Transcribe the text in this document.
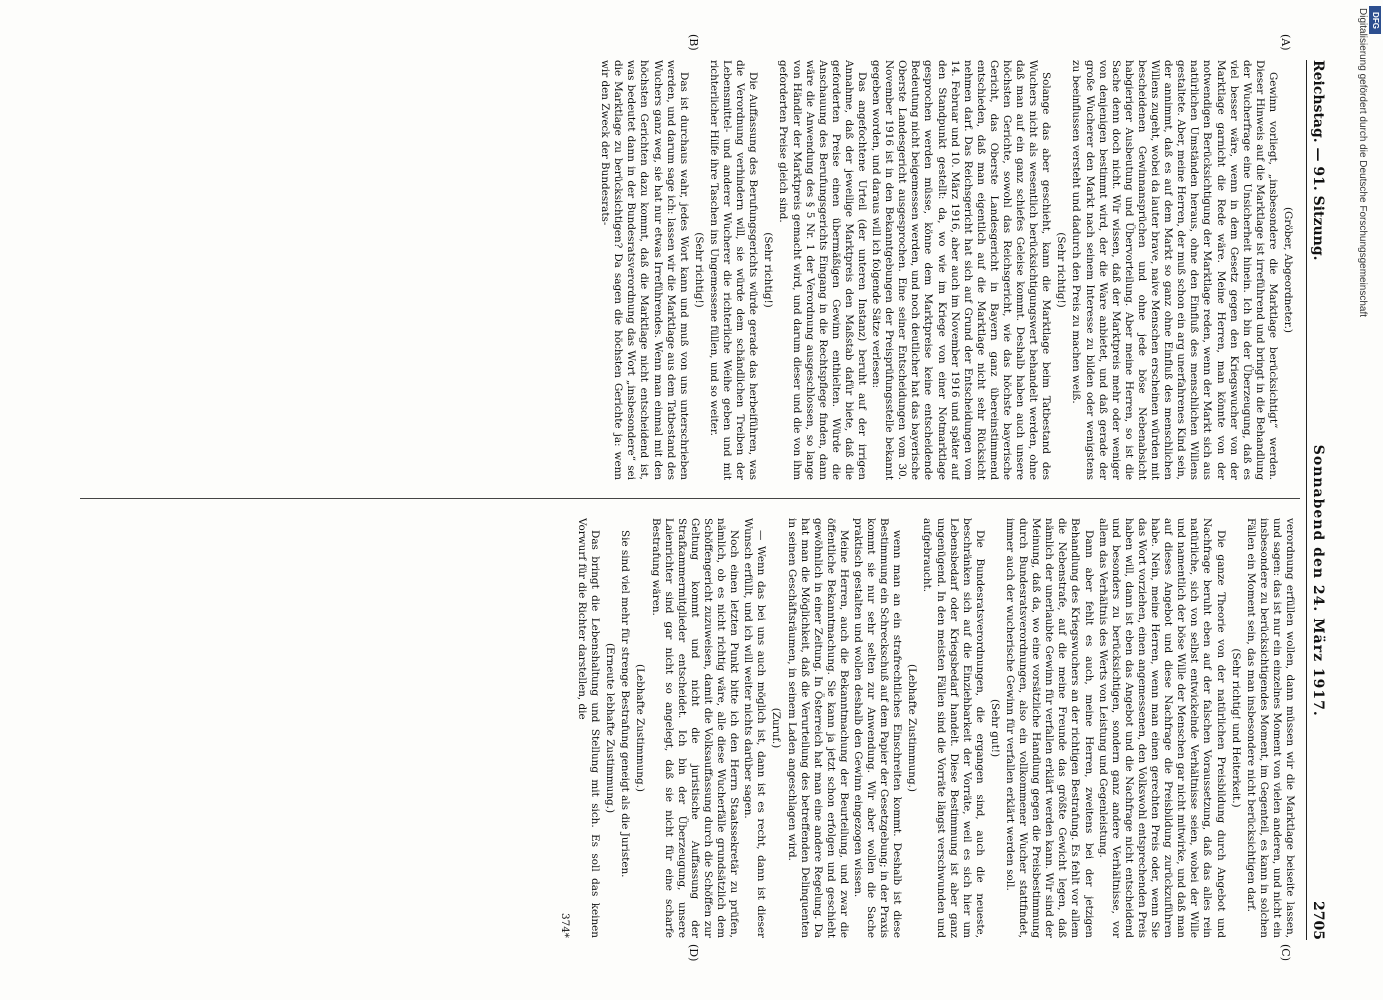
Reichstag. — 91. Sitzung.
Sonnabend den 24. März 1917.
2705
(A)
(B)
(C)
(D)

(Gröber, Abgeordneter.)

Gewinn vorliegt, „insbesondere die Marktlage berücksichtigt“ werden. Dieser Hinweis auf die Marktlage ist irreführend und bringt in die Behandlung der Wucherfrage eine Unsicherheit hinein. Ich bin der Überzeugung, daß es viel besser wäre, wenn in dem Gesetz gegen den Kriegswucher von der Marktlage garnicht die Rede wäre. Meine Herren, man könnte von der notwendigen Berücksichtigung der Marktlage reden, wenn der Markt sich aus natürlichen Umständen heraus, ohne den Einfluß des menschlichen Willens gestaltete. Aber, meine Herren, der muß schon ein arg unerfahrenes Kind sein, der annimmt, daß es auf dem Markt so ganz ohne Einfluß des menschlichen Willens zugeht, wobei da lauter brave, naive Menschen erscheinen würden mit bescheidenen Gewinnansprüchen und ohne jede böse Nebenabsicht habgieriger Ausbeutung und Übervorteilung. Aber meine Herren, so ist die Sache denn doch nicht. Wir wissen, daß der Marktpreis mehr oder weniger von denjenigen bestimmt wird, der die Ware anbietet, und daß gerade der große Wucherer den Markt nach seinem Interesse zu bilden oder wenigstens zu beeinflussen versteht und dadurch den Preis zu machen weiß.

(Sehr richtig!)

Solange das aber geschieht, kann die Marktlage beim Tatbestand des Wuchers nicht als wesentlich berücksichtigungswert behandelt werden, ohne daß man auf ein ganz schiefes Geleise kommt. Deshalb haben auch unsere höchsten Gerichte, sowohl das Reichsgericht, wie das höchste bayerische Gericht, das Oberste Landesgericht in Bayern ganz übereinstimmend entschieden, daß man eigentlich auf die Marktlage nicht sehr Rücksicht nehmen darf. Das Reichsgericht hat sich auf Grund der Entscheidungen vom 14. Februar und 10. März 1916, aber auch im November 1916 und später auf den Standpunkt gestellt: da, wo wie im Kriege von einer Notmarktlage gesprochen werden müsse, könne dem Marktpreise keine entscheidende Bedeutung nicht beigemessen werden, und noch deutlicher hat das bayerische Oberste Landesgericht ausgesprochen. Eine seiner Entscheidungen vom 30. November 1916 ist in den Bekanntgebungen der Preisprüfungsstelle bekannt gegeben worden, und daraus will ich folgende Sätze verlesen:

Das angefochtene Urteil (der unteren Instanz) beruht auf der irrigen Annahme, daß der jeweilige Marktpreis den Maßstab dafür biete, daß die geforderten Preise einen übermäßigen Gewinn enthielten. Würde die Anschauung des Berufungsgerichts Eingang in die Rechtspflege finden, dann wäre die Anwendung des § 5 Nr. 1 der Verordnung ausgeschlossen, so lange von Händler der Marktpreis gemacht wird, und darum dieser und die von ihm geforderten Preise gleich sind.

(Sehr richtig!)

Die Auffassung des Berufungsgerichts würde gerade das herbeiführen, was die Verordnung verhindern will, sie würde dem schändlichen Treiben der Lebensmittel- und anderer Wucherer die richterliche Weihe geben und mit richterlicher Hilfe ihre Taschen ins Ungemessene füllen, und so weiter.

(Sehr richtig!)

Das ist durchaus wahr, jedes Wort kann und muß von uns unterschrieben werden, und darum sage ich: lassen wir die Marktlage aus dem Tatbestand des Wuchers ganz weg, sie hat nur etwas Irreführendes. Wenn man einmal mit den höchsten Gerichten dazu kommt, daß die Marktlage nicht entscheidend ist, was bedeutet dann in der Bundesratsverordnung das Wort „insbesondere“ sei die Marktlage zu berücksichtigen? Da sagen die höchsten Gerichte ja: wenn wir den Zweck der Bundesrats-

verordnung erfüllen wollen, dann müssen wir die Marktlage beiseite lassen, und sagen: das ist nur ein einzelnes Moment von vielen anderen, und nicht ein insbesondere zu berücksichtigendes Moment, im Gegenteil, es kann in solchen Fällen ein Moment sein, das man insbesondere nicht berücksichtigen darf.

(Sehr richtig! und Heiterkeit.)

Die ganze Theorie von der natürlichen Preisbildung durch Angebot und Nachfrage beruht eben auf der falschen Voraussetzung, daß das alles rein natürliche, sich von selbst entwickelnde Verhältnisse seien, wobei der Wille und namentlich der böse Wille der Menschen gar nicht mitwirke, und daß man auf dieses Angebot und diese Nachfrage die Preisbildung zurückzuführen habe. Nein, meine Herren, wenn man einen gerechten Preis oder, wenn Sie das Wort vorziehen, einen angemessenen, den Volkswohl entsprechenden Preis haben will, dann ist eben das Angebot und die Nachfrage nicht entscheidend und besonders zu berücksichtigen, sondern ganz andere Verhältnisse, vor allem das Verhältnis des Werts von Leistung und Gegenleistung.

Dann aber fehlt es auch, meine Herren, zweitens bei der jetzigen Behandlung des Kriegswuchers an der richtigen Bestrafung. Es fehlt vor allem die Nebenstrafe, auf die meine Freunde das größte Gewicht legen, daß nämlich der unerlaubte Gewinn für verfallen erklärt werden kann. Wir sind der Meinung, daß da, wo eine vorsätzliche Handlung gegen die Preisbestimmung durch Bundesratsverordnungen, also ein vollkommener Wucher stattfindet, immer auch der wucherische Gewinn für verfallen erklärt werden soll.

(Sehr gut!)

Die Bundesratsverordnungen, die ergangen sind, auch die neueste, beschränken sich auf die Einziehbarkeit der Vorräte, weil es sich hier um Lebensbedarf oder Kriegsbedarf handelt. Diese Bestimmung ist aber ganz ungenügend. In den meisten Fällen sind die Vorräte längst verschwunden und aufgebraucht.

(Lebhafte Zustimmung.)

wenn man an ein strafrechtliches Einschreiten kommt. Deshalb ist diese Bestimmung ein Schreckschuß auf dem Papier der Gesetzgebung; in der Praxis kommt sie nur sehr selten zur Anwendung. Wir aber wollen die Sache praktisch gestalten und wollen deshalb den Gewinn eingezogen wissen.

Meine Herren, auch die Bekanntmachung der Beurteilung, und zwar die öffentliche Bekanntmachung. Sie kann ja jetzt schon erfolgen und geschieht gewöhnlich in einer Zeitung. In Österreich hat man eine andere Regelung. Da hat man die Möglichkeit, daß die Verurteilung des betreffenden Delinquenten in seinen Geschäftsräumen, in seinem Laden angeschlagen wird.

(Zuruf.)

— Wenn das bei uns auch möglich ist, dann ist es recht, dann ist dieser Wunsch erfüllt, und ich will weiter nichts darüber sagen.

Noch einen letzten Punkt bitte ich den Herrn Staatssekretär zu prüfen, nämlich, ob es nicht richtig wäre, alle diese Wucherfälle grundsätzlich dem Schöffengericht zuzuweisen, damit die Volksauffassung durch die Schöffen zur Geltung kommt und nicht die juristische Auffassung der Strafkammermitglieder entscheidet. Ich bin der Überzeugung, unsere Laienrichter sind gar nicht so angelegt, daß sie nicht für eine scharfe Bestrafung wären.

(Lebhafte Zustimmung.)

Sie sind viel mehr für strenge Bestrafung geneigt als die Juristen.

(Erneute lebhafte Zustimmung.)

Das bringt die Lebenshaltung und Stellung mit sich. Es soll das keinen Vorwurf für die Richter darstellen, die

374*

Digitalisierung gefördert durch die Deutsche Forschungsgemeinschaft DFG
